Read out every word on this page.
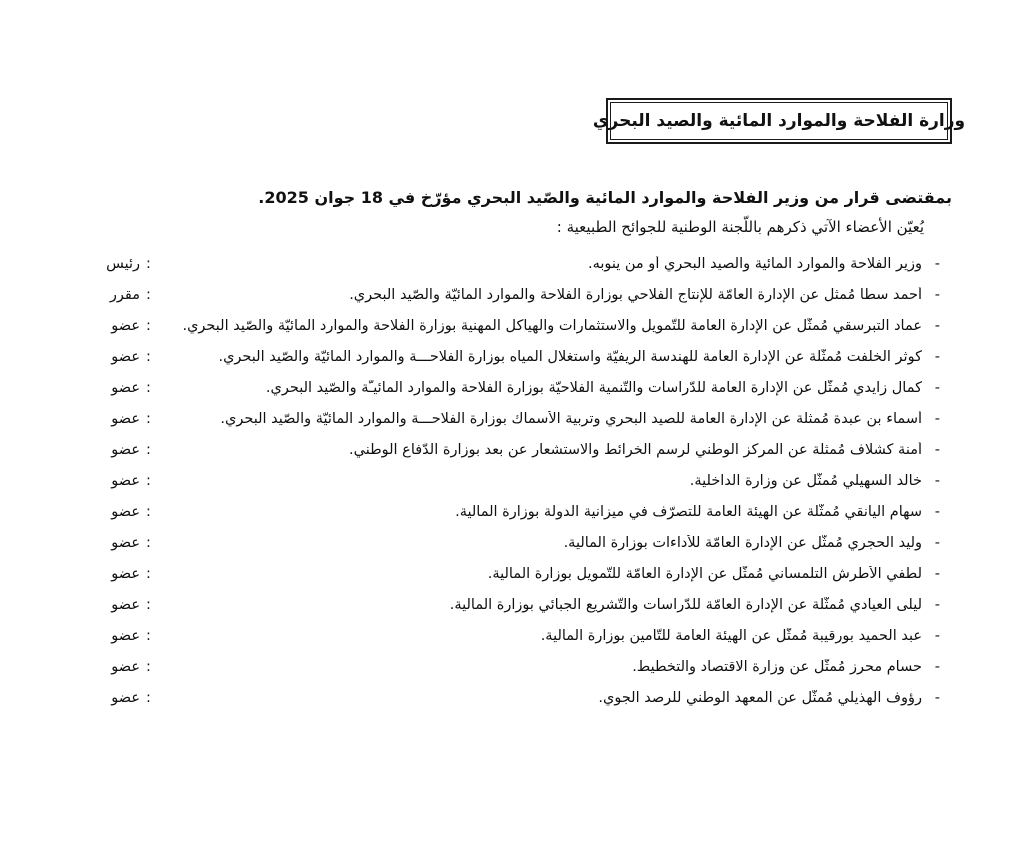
وزارة الفلاحة والموارد المائية والصيد البحري
بمقتضى قرار من وزير الفلاحة والموارد المائية والصّيد البحري مؤرّخ في 18 جوان 2025.
يُعيّن الأعضاء الآتي ذكرهم باللّجنة الوطنية للجوائح الطبيعية :
-
وزير الفلاحة والموارد المائية والصيد البحري أو من ينوبه.
:
رئيس
-
أحمد سطا مُمثل عن الإدارة العامّة للإنتاج الفلاحي بوزارة الفلاحة والموارد المائيّة والصّيد البحري.
:
مقرر
-
عماد التبرسقي مُمثّل عن الإدارة العامة للتّمويل والاستثمارات والهياكل المهنية بوزارة الفلاحة والموارد المائيّة والصّيد البحري.
:
عضو
-
كوثر الخلفت مُمثّلة عن الإدارة العامة للهندسة الريفيّة واستغلال المياه بوزارة الفلاحـــة والموارد المائيّة والصّيد البحري.
:
عضو
-
كمال زايدي مُمثّل عن الإدارة العامة للدّراسات والتّنمية الفلاحيّة بوزارة الفلاحة والموارد المائيـّة والصّيد البحري.
:
عضو
-
أسماء بن عبدة مُمثلة عن الإدارة العامة للصيد البحري وتربية الأسماك بوزارة الفلاحـــة والموارد المائيّة والصّيد البحري.
:
عضو
-
أمنة كشلاف مُمثلة عن المركز الوطني لرسم الخرائط والاستشعار عن بعد بوزارة الدّفاع الوطني.
:
عضو
-
خالد السهيلي مُمثّل عن وزارة الداخلية.
:
عضو
-
سهام اليانقي مُمثّلة عن الهيئة العامة للتصرّف في ميزانية الدولة بوزارة المالية.
:
عضو
-
وليد الحجري مُمثّل عن الإدارة العامّة للأداءات بوزارة المالية.
:
عضو
-
لطفي الأطرش التلمساني مُمثّل عن الإدارة العامّة للتّمويل بوزارة المالية.
:
عضو
-
ليلى العيادي مُمثّلة عن الإدارة العامّة للدّراسات والتّشريع الجبائي بوزارة المالية.
:
عضو
-
عبد الحميد بورقيبة مُمثّل عن الهيئة العامة للتّأمين بوزارة المالية.
:
عضو
-
حسام محرز مُمثّل عن وزارة الاقتصاد والتخطيط.
:
عضو
-
رؤوف الهذيلي مُمثّل عن المعهد الوطني للرصد الجوي.
:
عضو
